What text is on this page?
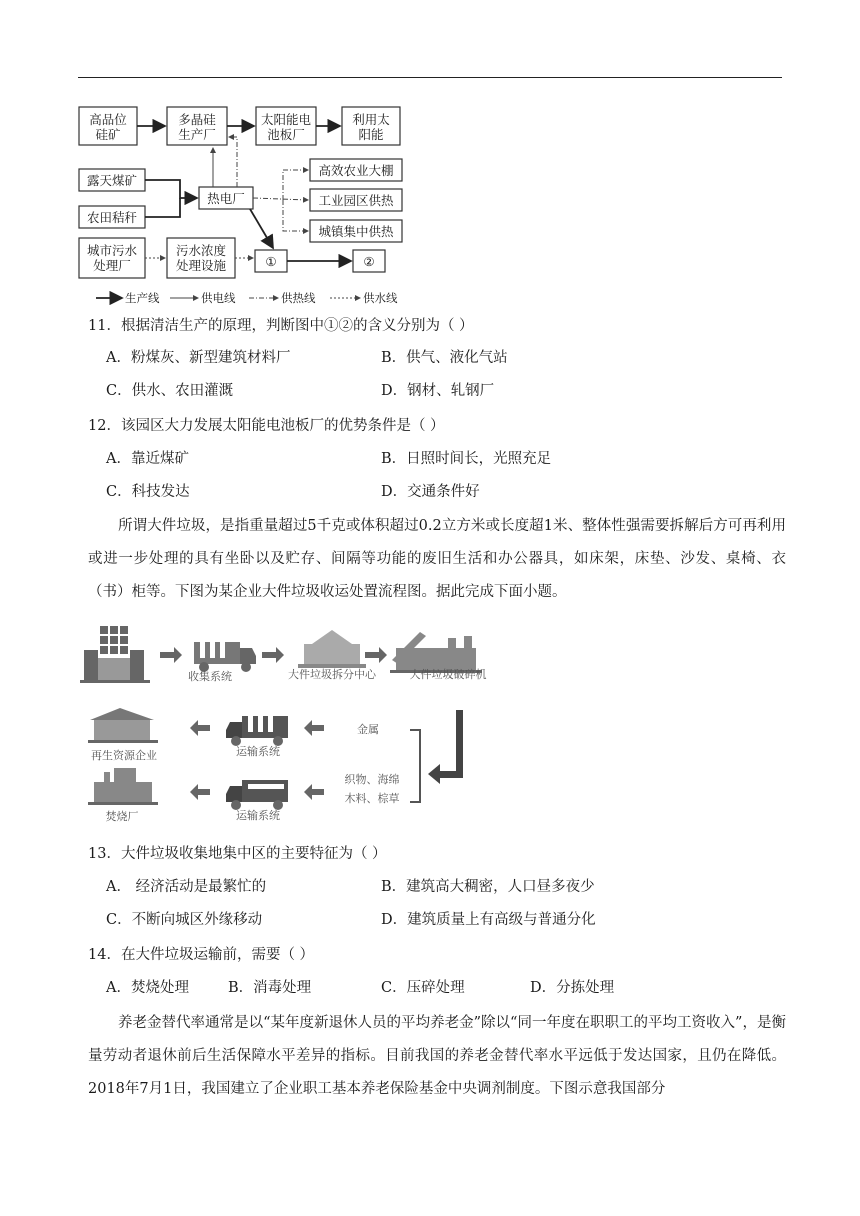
高品位硅矿
多晶硅生产厂
太阳能电池板厂
利用太阳能
露天煤矿
农田秸秆
城市污水处理厂
污水浓度处理设施
热电厂
高效农业大棚
工业园区供热
城镇集中供热
①	②
生产线	供电线	供热线	供水线
11．根据清洁生产的原理，判断图中①②的含义分别为（ ）
A．粉煤灰、新型建筑材料厂	B．供气、液化气站
C．供水、农田灌溉	D．钢材、轧钢厂
12．该园区大力发展太阳能电池板厂的优势条件是（ ）
A．靠近煤矿	B．日照时间长，光照充足
C．科技发达	D．交通条件好
所谓大件垃圾，是指重量超过5千克或体积超过0.2立方米或长度超1米、整体性强需要拆解后方可再利用或进一步处理的具有坐卧以及贮存、间隔等功能的废旧生活和办公器具，如床架，床垫、沙发、桌椅、衣（书）柜等。下图为某企业大件垃圾收运处置流程图。据此完成下面小题。
收集系统	大件垃圾拆分中心	大件垃圾破碎机
金属
织物、海绵
木料、棕草
运输系统
运输系统
再生资源企业
焚烧厂
13．大件垃圾收集地集中区的主要特征为（ ）
A． 经济活动是最繁忙的	B．建筑高大稠密，人口昼多夜少
C．不断向城区外缘移动	D．建筑质量上有高级与普通分化
14．在大件垃圾运输前，需要（ ）
A．焚烧处理	B．消毒处理	C．压碎处理	D．分拣处理
养老金替代率通常是以“某年度新退休人员的平均养老金”除以“同一年度在职职工的平均工资收入”，是衡量劳动者退休前后生活保障水平差异的指标。目前我国的养老金替代率水平远低于发达国家，且仍在降低。2018年7月1日，我国建立了企业职工基本养老保险基金中央调剂制度。下图示意我国部分
